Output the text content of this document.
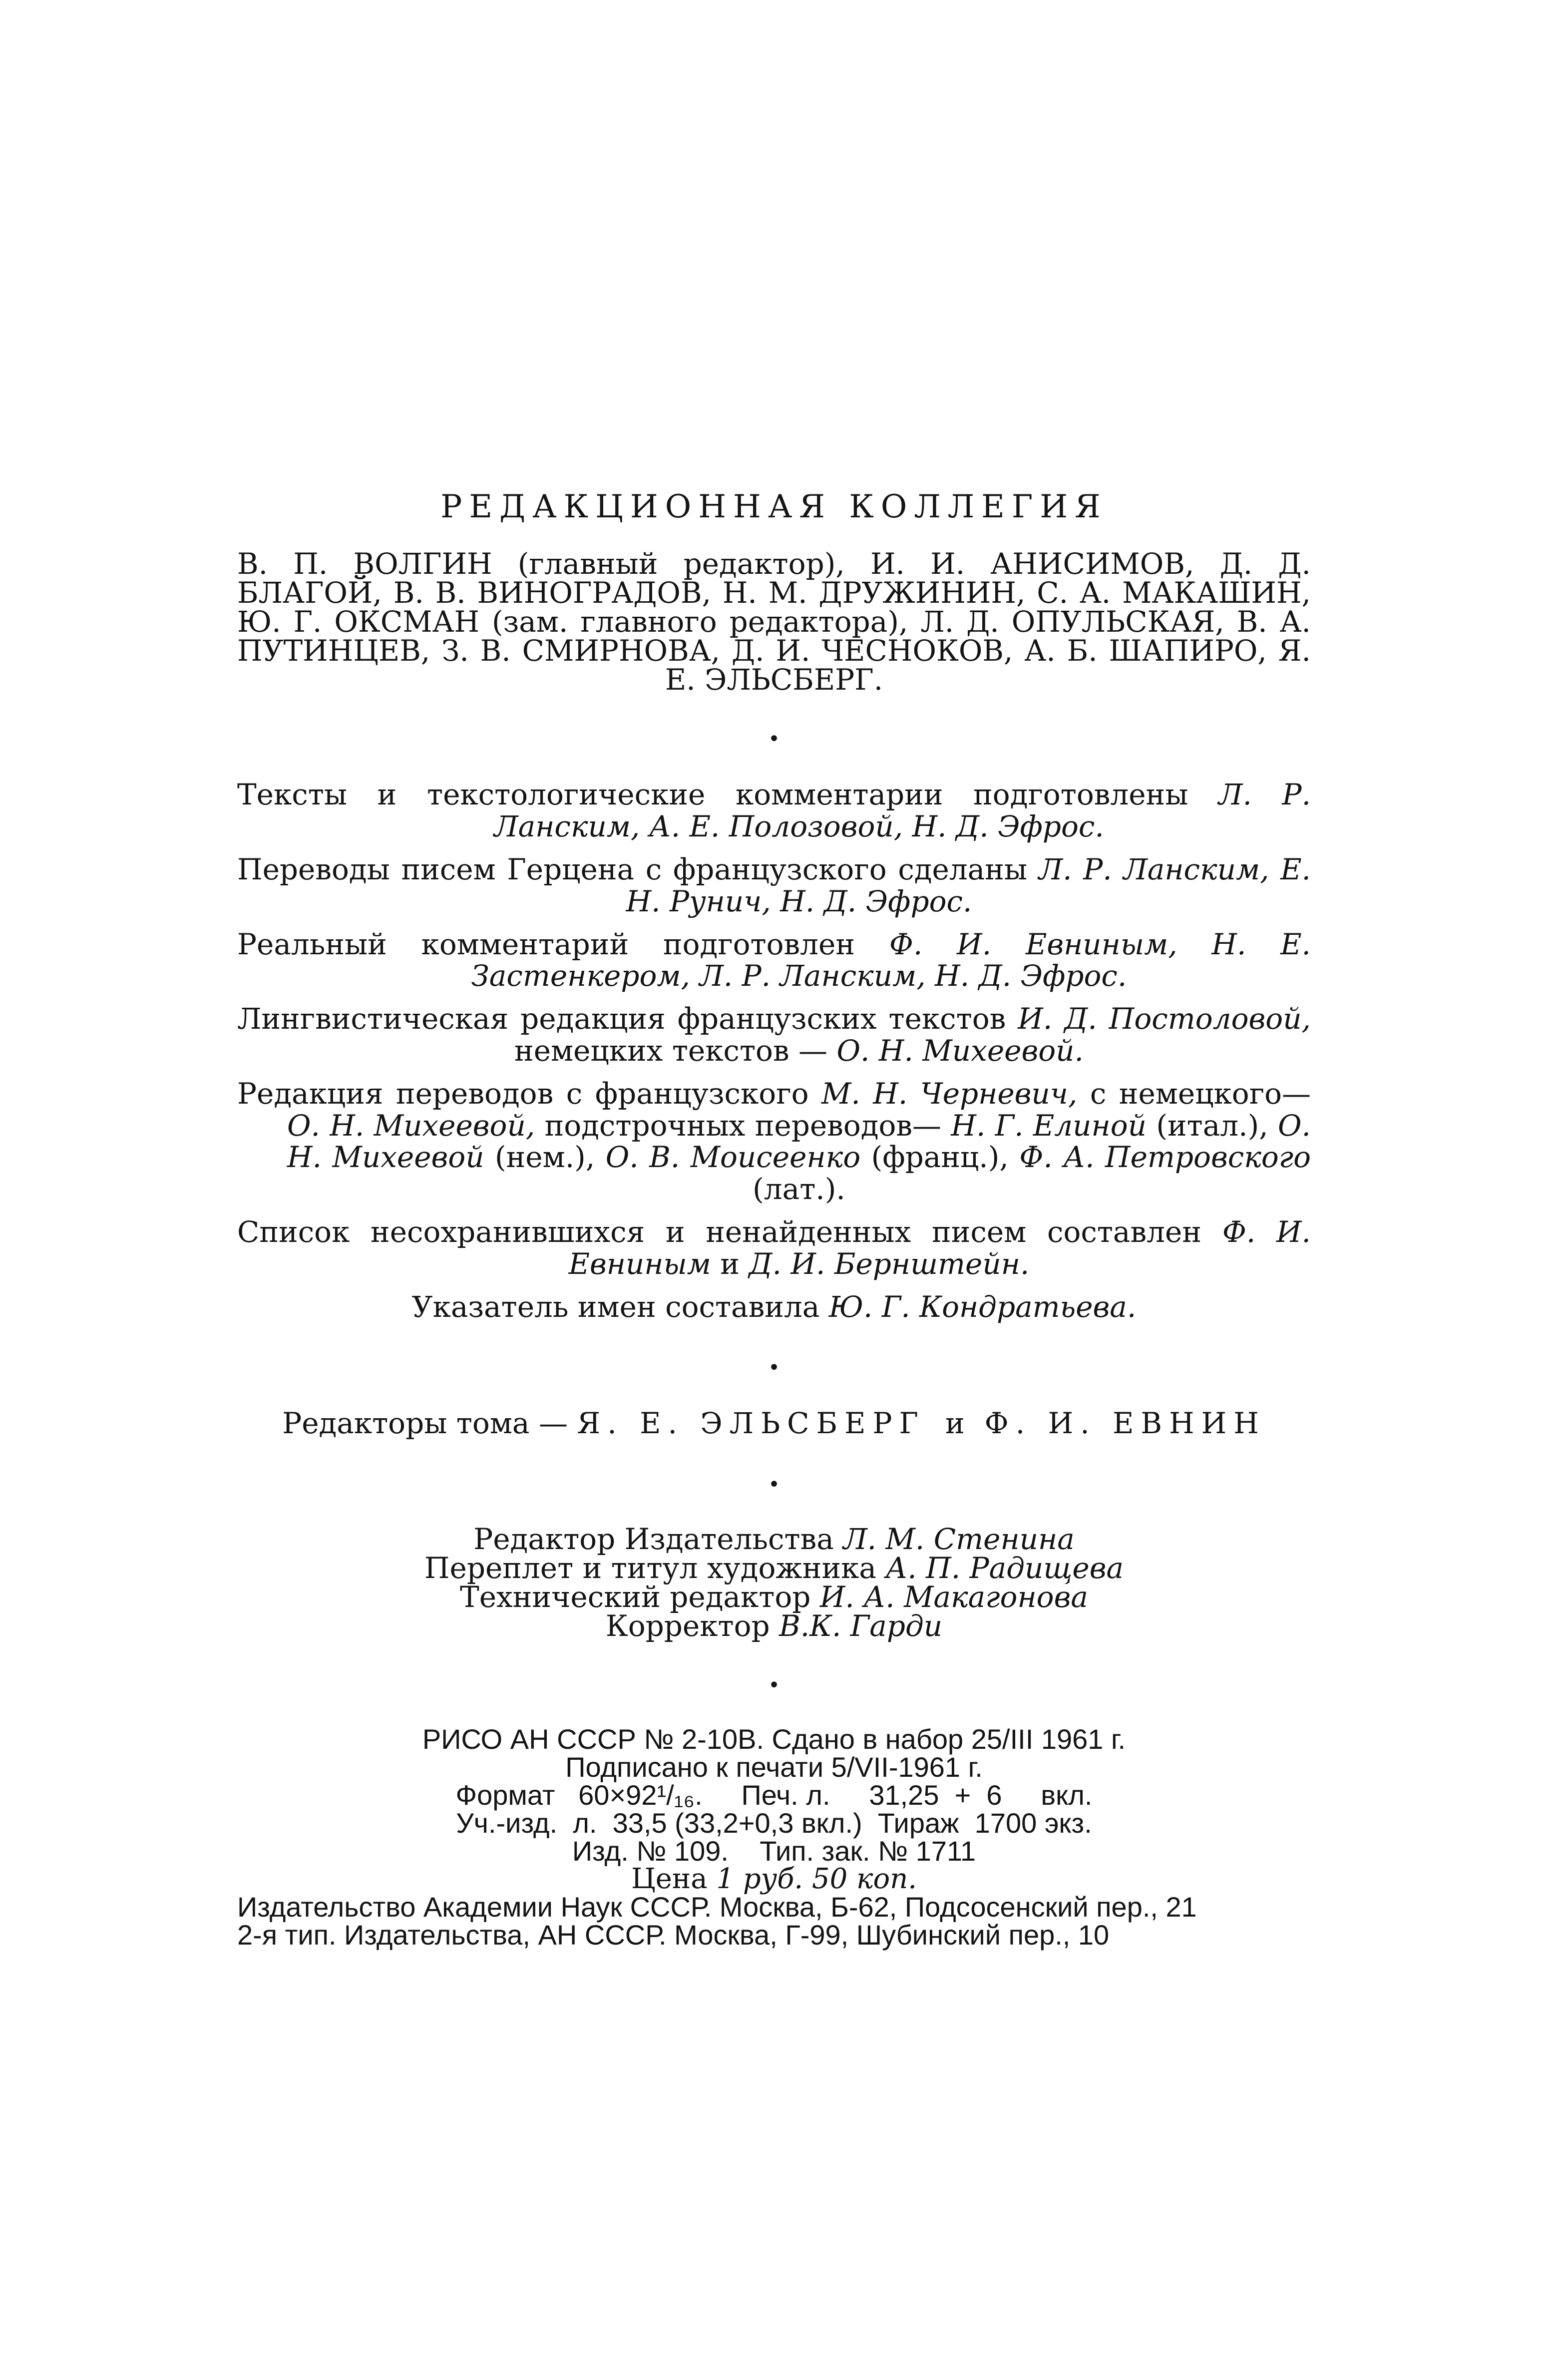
РЕДАКЦИОННАЯ КОЛЛЕГИЯ

В. П. ВОЛГИН (главный редактор), И. И. АНИСИМОВ, Д. Д. БЛАГОЙ, В. В. ВИНОГРАДОВ, Н. М. ДРУЖИНИН, С. А. МАКАШИН, Ю. Г. ОКСМАН (зам. главного редактора), Л. Д. ОПУЛЬСКАЯ, В. А. ПУТИНЦЕВ, З. В. СМИРНОВА, Д. И. ЧЕСНОКОВ, А. Б. ШАПИРО, Я. Е. ЭЛЬСБЕРГ.

•

Тексты и текстологические комментарии подготовлены Л. Р. Ланским, А. Е. Полозовой, Н. Д. Эфрос.

Переводы писем Герцена с французского сделаны Л. Р. Ланским, Е. Н. Рунич, Н. Д. Эфрос.

Реальный комментарий подготовлен Ф. И. Евниным, Н. Е. Застенкером, Л. Р. Ланским, Н. Д. Эфрос.

Лингвистическая редакция французских текстов И. Д. Постоловой, немецких текстов — О. Н. Михеевой.

Редакция переводов с французского М. Н. Черневич, с немецкого— О. Н. Михеевой, подстрочных переводов— Н. Г. Елиной (итал.), О. Н. Михеевой (нем.), О. В. Моисеенко (франц.), Ф. А. Петровского (лат.).

Список несохранившихся и ненайденных писем составлен Ф. И. Евниным и Д. И. Бернштейн.

Указатель имен составила Ю. Г. Кондратьева.

•

Редакторы тома — Я. Е. ЭЛЬСБЕРГ и Ф. И. ЕВНИН

•

Редактор Издательства Л. М. Стенина

Переплет и титул художника А. П. Радищева

Технический редактор И. А. Макагонова

Корректор В.К. Гарди

•
РИСО АН СССР № 2-10В. Сдано в набор 25/III 1961 г.
Подписано к печати 5/VII-1961 г.
Формат   60×92¹/₁₆.     Печ. л.     31,25  +  6     вкл.
Уч.-изд.  л.  33,5 (33,2+0,3 вкл.)  Тираж  1700 экз.
Изд. № 109.    Тип. зак. № 1711
Цена 1 руб. 50 коп.
Издательство Академии Наук СССР. Москва, Б-62, Подсосенский пер., 21
2-я тип. Издательства, АН СССР. Москва, Г-99, Шубинский пер., 10
